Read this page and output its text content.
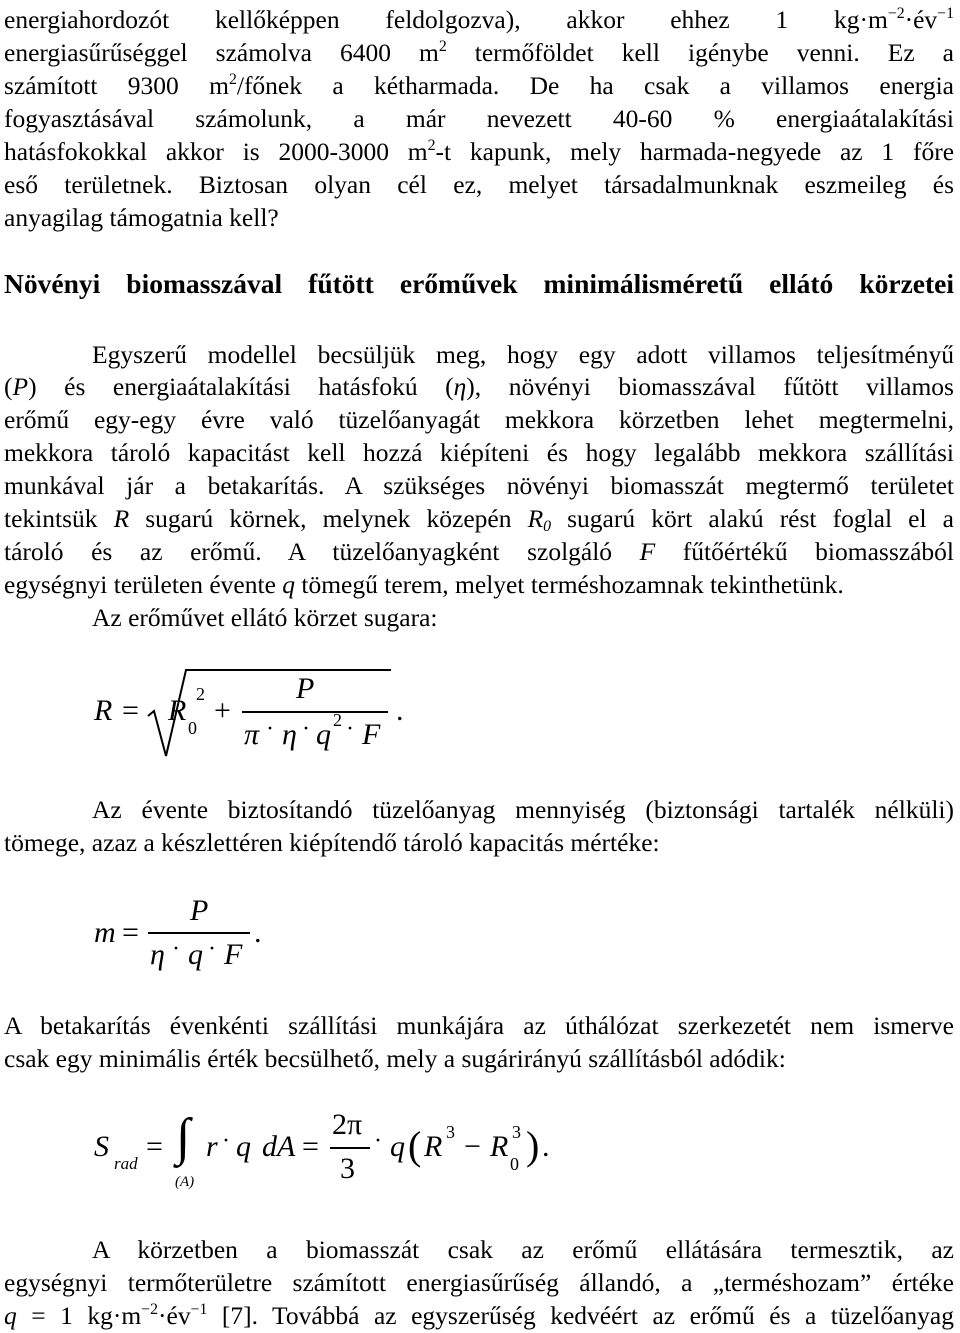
energiahordozót kellőképpen feldolgozva), akkor ehhez 1 $kg\cdot m^{-2}\cdot év^{-1}$
energiasűrűséggel számolva 6400 $m^2$ termőföldet kell igénybe venni. Ez a
számított 9300 $m^2$/főnek a kétharmada. De ha csak a villamos energia
fogyasztásával számolunk, a már nevezett 40-60 % energiaátalakítási
hatásfokokkal akkor is 2000-3000 $m^2-t$ kapunk, mely harmada-negyede az 1 főre
eső területnek. Biztosan olyan cél ez, melyet társadalmunknak eszmeileg és
anyagilag támogatnia kell?
Növényi biomasszával fűtött erőművek minimálisméretű ellátó körzetei
Egyszerű modellel becsüljük meg, hogy egy adott villamos teljesítményű
(P) és energiaátalakítási hatásfokú (η), növényi biomasszával fűtött villamos
erőmű egy-egy évre való tüzelőanyagát mekkora körzetben lehet megtermelni,
mekkora tároló kapacitást kell hozzá kiépíteni és hogy legalább mekkora szállítási
munkával jár a betakarítás. A szükséges növényi biomasszát megtermő területet
tekintsük R sugarú körnek, melynek közepén $R_0$ sugarú kört alakú rést foglal el a
tároló és az erőmű. A tüzelőanyagként szolgáló F fűtőértékű biomasszából
egységnyi területen évente q tömegű terem, melyet terméshozamnak tekinthetünk.
Az erőművet ellátó körzet sugara:
R = R
0
2 +
P
π · η · q 2 · F
.
Az évente biztosítandó tüzelőanyag mennyiség (biztonsági tartalék nélküli)
tömege, azaz a készlettéren kiépítendő tároló kapacitás mértéke:
m =
P
η · q · F
.
A betakarítás évenkénti szállítási munkájára az úthálózat szerkezetét nem ismerve
csak egy minimális érték becsülhető, mely a sugárirányú szállításból adódik:
S
rad
= ∫
(A)
r · q dA =
2π
3
· q ( R 3 − R
0
3 ) .
A körzetben a biomasszát csak az erőmű ellátására termesztik, az
egységnyi termőterületre számított energiasűrűség állandó, a „terméshozam” értéke
q = 1 $kg\cdot m^{-2}\cdot év^{-1}$ [7]. Továbbá az egyszerűség kedvéért az erőmű és a tüzelőanyag
